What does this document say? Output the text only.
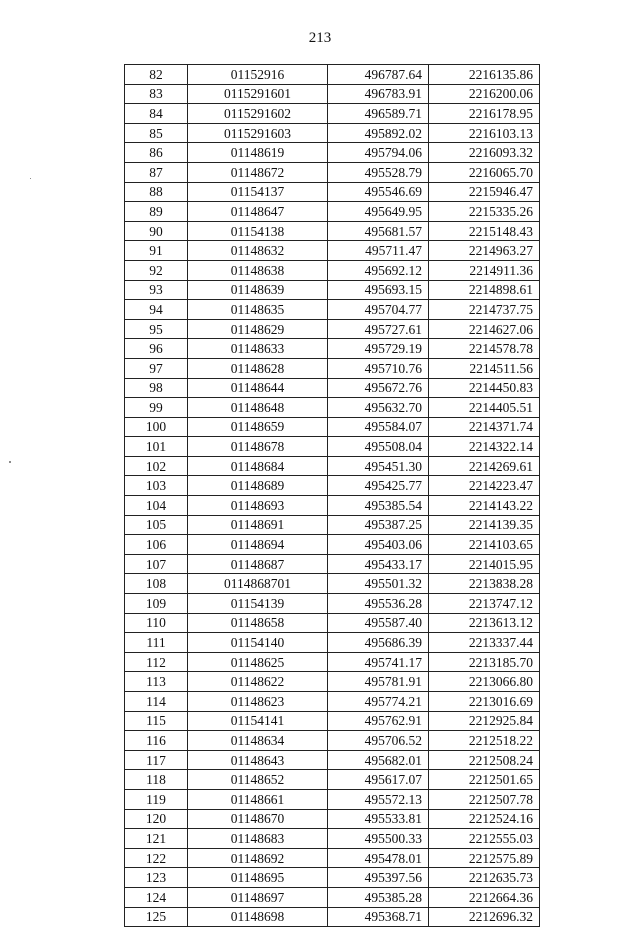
213
82	01152916	496787.64	2216135.86
83	0115291601	496783.91	2216200.06
84	0115291602	496589.71	2216178.95
85	0115291603	495892.02	2216103.13
86	01148619	495794.06	2216093.32
87	01148672	495528.79	2216065.70
88	01154137	495546.69	2215946.47
89	01148647	495649.95	2215335.26
90	01154138	495681.57	2215148.43
91	01148632	495711.47	2214963.27
92	01148638	495692.12	2214911.36
93	01148639	495693.15	2214898.61
94	01148635	495704.77	2214737.75
95	01148629	495727.61	2214627.06
96	01148633	495729.19	2214578.78
97	01148628	495710.76	2214511.56
98	01148644	495672.76	2214450.83
99	01148648	495632.70	2214405.51
100	01148659	495584.07	2214371.74
101	01148678	495508.04	2214322.14
102	01148684	495451.30	2214269.61
103	01148689	495425.77	2214223.47
104	01148693	495385.54	2214143.22
105	01148691	495387.25	2214139.35
106	01148694	495403.06	2214103.65
107	01148687	495433.17	2214015.95
108	0114868701	495501.32	2213838.28
109	01154139	495536.28	2213747.12
110	01148658	495587.40	2213613.12
111	01154140	495686.39	2213337.44
112	01148625	495741.17	2213185.70
113	01148622	495781.91	2213066.80
114	01148623	495774.21	2213016.69
115	01154141	495762.91	2212925.84
116	01148634	495706.52	2212518.22
117	01148643	495682.01	2212508.24
118	01148652	495617.07	2212501.65
119	01148661	495572.13	2212507.78
120	01148670	495533.81	2212524.16
121	01148683	495500.33	2212555.03
122	01148692	495478.01	2212575.89
123	01148695	495397.56	2212635.73
124	01148697	495385.28	2212664.36
125	01148698	495368.71	2212696.32
